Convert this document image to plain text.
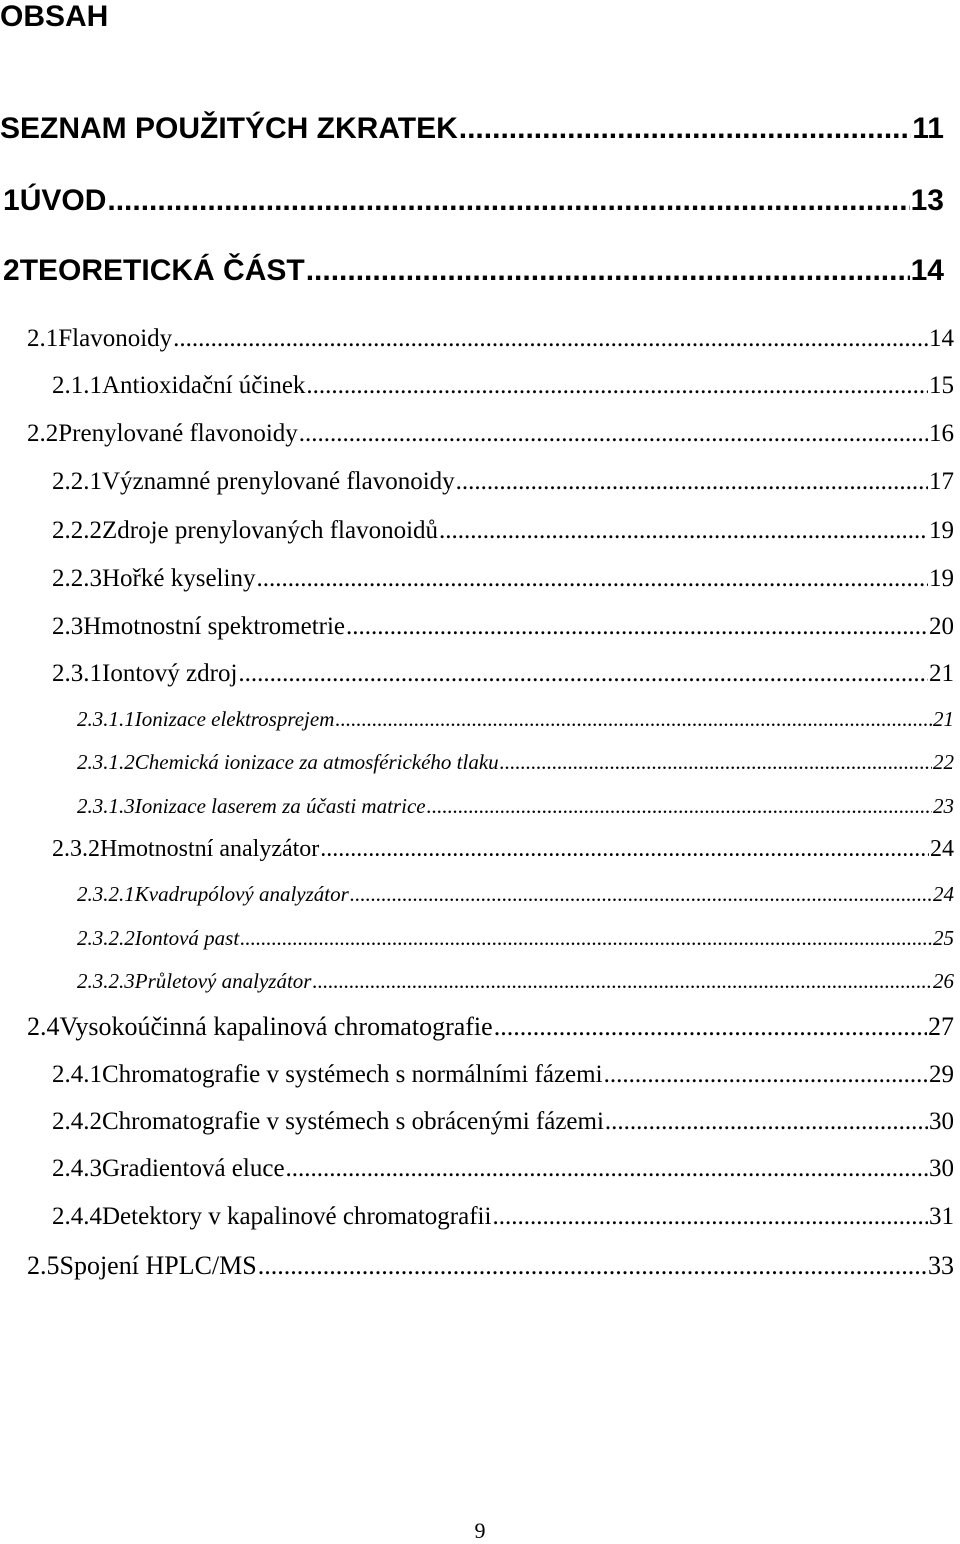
OBSAH
SEZNAM POUŽITÝCH ZKRATEK .....	11
1 ÚVOD .....	13
2 TEORETICKÁ ČÁST .....	14
2.1 Flavonoidy .....	14
2.1.1 Antioxidační účinek .....	15
2.2 Prenylované flavonoidy .....	16
2.2.1 Významné prenylované flavonoidy .....	17
2.2.2 Zdroje prenylovaných flavonoidů .....	19
2.2.3 Hořké kyseliny .....	19
2.3 Hmotnostní spektrometrie .....	20
2.3.1 Iontový zdroj .....	21
2.3.1.1 Ionizace elektrosprejem .....	21
2.3.1.2 Chemická ionizace za atmosférického tlaku .....	22
2.3.1.3 Ionizace laserem za účasti matrice .....	23
2.3.2 Hmotnostní analyzátor .....	24
2.3.2.1 Kvadrupólový analyzátor .....	24
2.3.2.2 Iontová past .....	25
2.3.2.3 Průletový analyzátor .....	26
2.4 Vysokoúčinná kapalinová chromatografie .....	27
2.4.1 Chromatografie v systémech s normálními fázemi .....	29
2.4.2 Chromatografie v systémech s obrácenými fázemi .....	30
2.4.3 Gradientová eluce .....	30
2.4.4 Detektory v kapalinové chromatografii .....	31
2.5 Spojení HPLC/MS .....	33
9
